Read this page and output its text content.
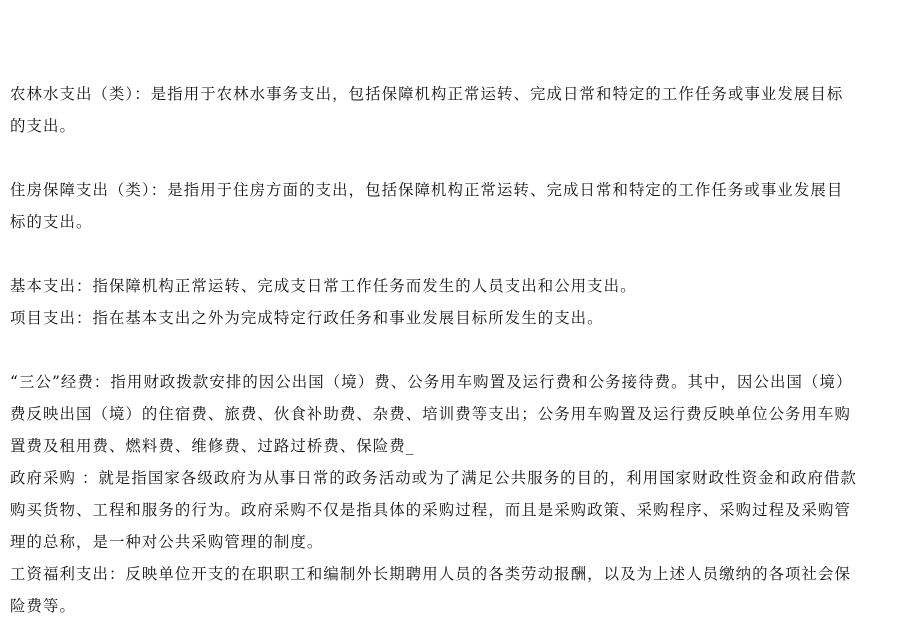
农林水支出（类）：是指用于农林水事务支出，包括保障机构正常运转、完成日常和特定的工作任务或事业发展目标
的支出。
住房保障支出（类）：是指用于住房方面的支出，包括保障机构正常运转、完成日常和特定的工作任务或事业发展目
标的支出。
基本支出：指保障机构正常运转、完成支日常工作任务而发生的人员支出和公用支出。
项目支出：指在基本支出之外为完成特定行政任务和事业发展目标所发生的支出。
“三公”经费：指用财政拨款安排的因公出国（境）费、公务用车购置及运行费和公务接待费。其中，因公出国（境）
费反映出国（境）的住宿费、旅费、伙食补助费、杂费、培训费等支出；公务用车购置及运行费反映单位公务用车购
置费及租用费、燃料费、维修费、过路过桥费、保险费_
政府采购 ：就是指国家各级政府为从事日常的政务活动或为了满足公共服务的目的，利用国家财政性资金和政府借款
购买货物、工程和服务的行为。政府采购不仅是指具体的采购过程，而且是采购政策、采购程序、采购过程及采购管
理的总称，是一种对公共采购管理的制度。
工资福利支出：反映单位开支的在职职工和编制外长期聘用人员的各类劳动报酬，以及为上述人员缴纳的各项社会保
险费等。
